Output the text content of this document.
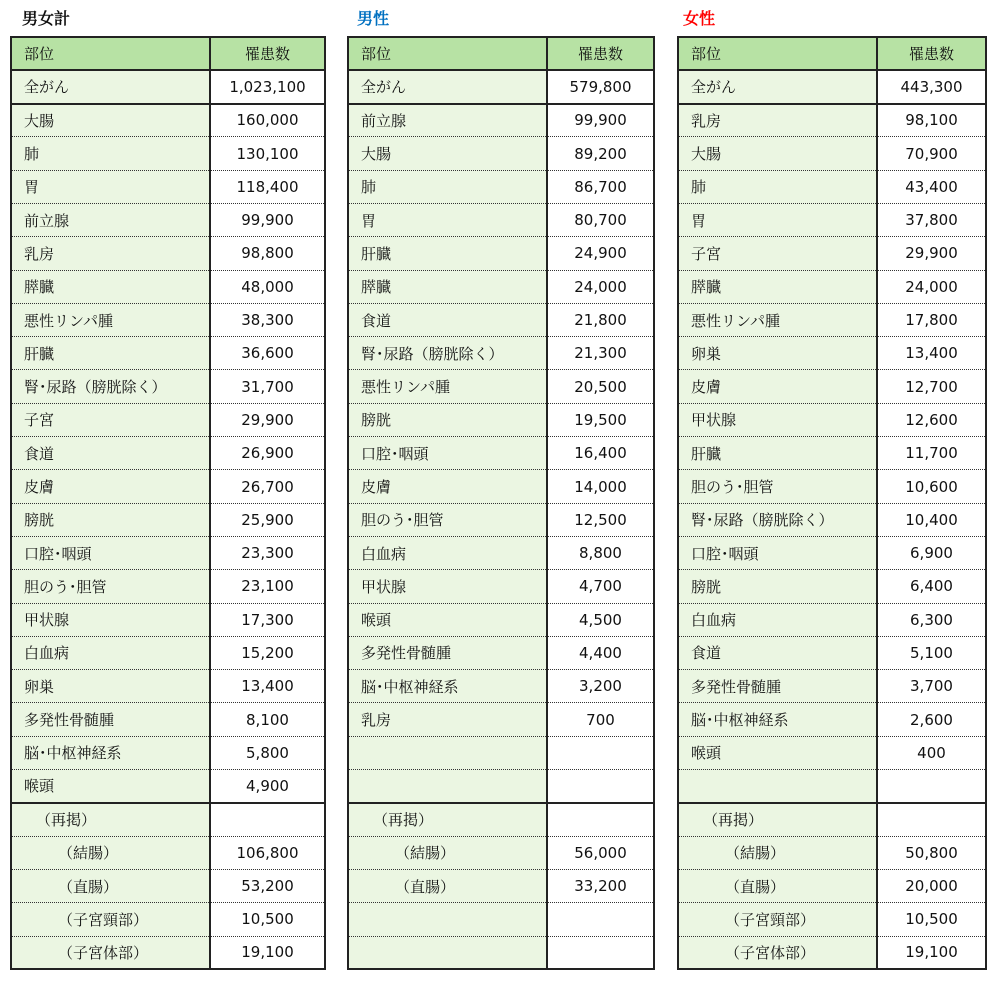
男女計
部位	罹患数
全がん	1,023,100
大腸	160,000
肺	130,100
胃	118,400
前立腺	99,900
乳房	98,800
膵臓	48,000
悪性リンパ腫	38,300
肝臓	36,600
腎･尿路（膀胱除く）	31,700
子宮	29,900
食道	26,900
皮膚	26,700
膀胱	25,900
口腔･咽頭	23,300
胆のう･胆管	23,100
甲状腺	17,300
白血病	15,200
卵巣	13,400
多発性骨髄腫	8,100
脳･中枢神経系	5,800
喉頭	4,900
（再掲）	
（結腸）	106,800
（直腸）	53,200
（子宮頸部）	10,500
（子宮体部）	19,100
男性
部位	罹患数
全がん	579,800
前立腺	99,900
大腸	89,200
肺	86,700
胃	80,700
肝臓	24,900
膵臓	24,000
食道	21,800
腎･尿路（膀胱除く）	21,300
悪性リンパ腫	20,500
膀胱	19,500
口腔･咽頭	16,400
皮膚	14,000
胆のう･胆管	12,500
白血病	8,800
甲状腺	4,700
喉頭	4,500
多発性骨髄腫	4,400
脳･中枢神経系	3,200
乳房	700

（再掲）	
（結腸）	56,000
（直腸）	33,200

女性
部位	罹患数
全がん	443,300
乳房	98,100
大腸	70,900
肺	43,400
胃	37,800
子宮	29,900
膵臓	24,000
悪性リンパ腫	17,800
卵巣	13,400
皮膚	12,700
甲状腺	12,600
肝臓	11,700
胆のう･胆管	10,600
腎･尿路（膀胱除く）	10,400
口腔･咽頭	6,900
膀胱	6,400
白血病	6,300
食道	5,100
多発性骨髄腫	3,700
脳･中枢神経系	2,600
喉頭	400

（再掲）	
（結腸）	50,800
（直腸）	20,000
（子宮頸部）	10,500
（子宮体部）	19,100
